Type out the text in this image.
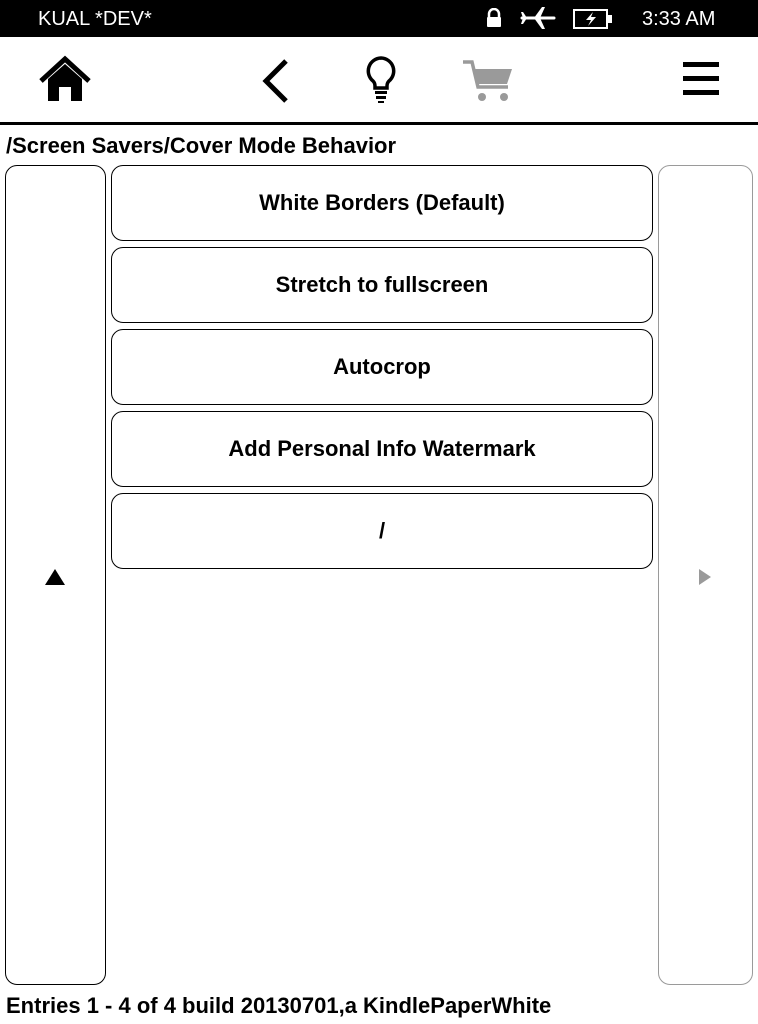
KUAL *DEV*	3:33 AM
/Screen Savers/Cover Mode Behavior
White Borders (Default)
Stretch to fullscreen
Autocrop
Add Personal Info Watermark
/
Entries 1 - 4 of 4 build 20130701,a KindlePaperWhite
